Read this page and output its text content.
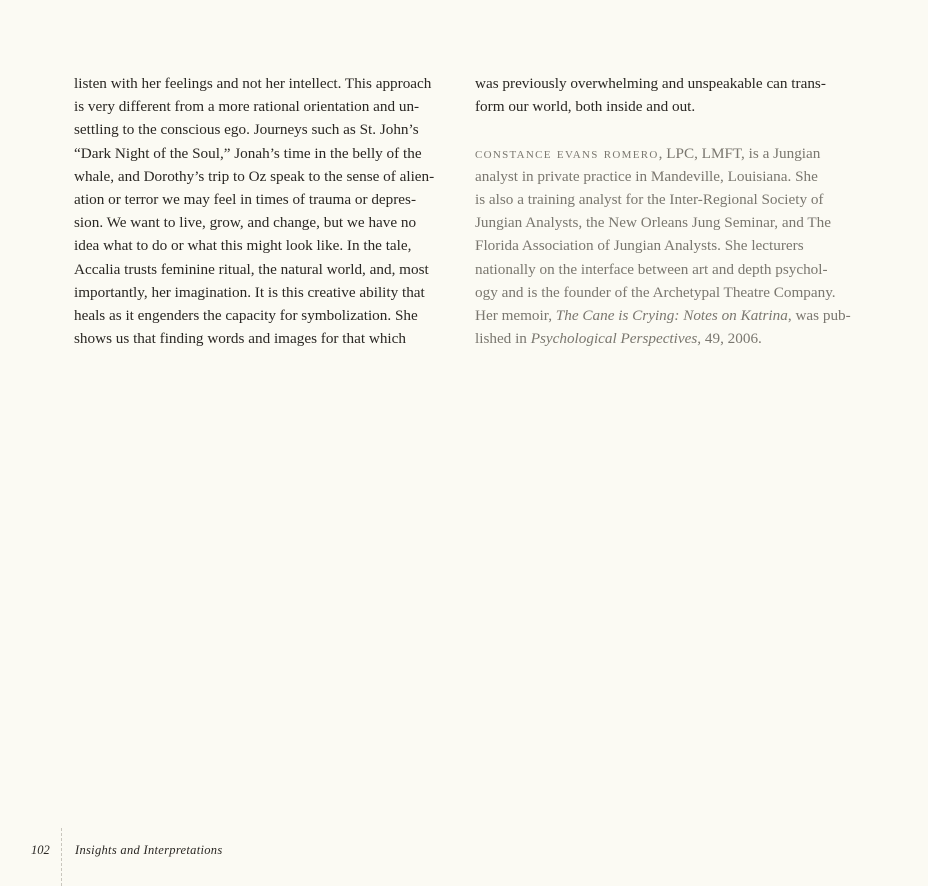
listen with her feelings and not her intellect. This approach
is very different from a more rational orientation and un-
settling to the conscious ego. Journeys such as St. John’s
“Dark Night of the Soul,” Jonah’s time in the belly of the
whale, and Dorothy’s trip to Oz speak to the sense of alien-
ation or terror we may feel in times of trauma or depres-
sion. We want to live, grow, and change, but we have no
idea what to do or what this might look like. In the tale,
Accalia trusts feminine ritual, the natural world, and, most
importantly, her imagination. It is this creative ability that
heals as it engenders the capacity for symbolization. She
shows us that finding words and images for that which
was previously overwhelming and unspeakable can trans-
form our world, both inside and out.
constance evans romero, LPC, LMFT, is a Jungian
analyst in private practice in Mandeville, Louisiana. She
is also a training analyst for the Inter-Regional Society of
Jungian Analysts, the New Orleans Jung Seminar, and The
Florida Association of Jungian Analysts. She lecturers
nationally on the interface between art and depth psychol-
ogy and is the founder of the Archetypal Theatre Company.
Her memoir, The Cane is Crying: Notes on Katrina, was pub-
lished in Psychological Perspectives, 49, 2006.
102 Insights and Interpretations
